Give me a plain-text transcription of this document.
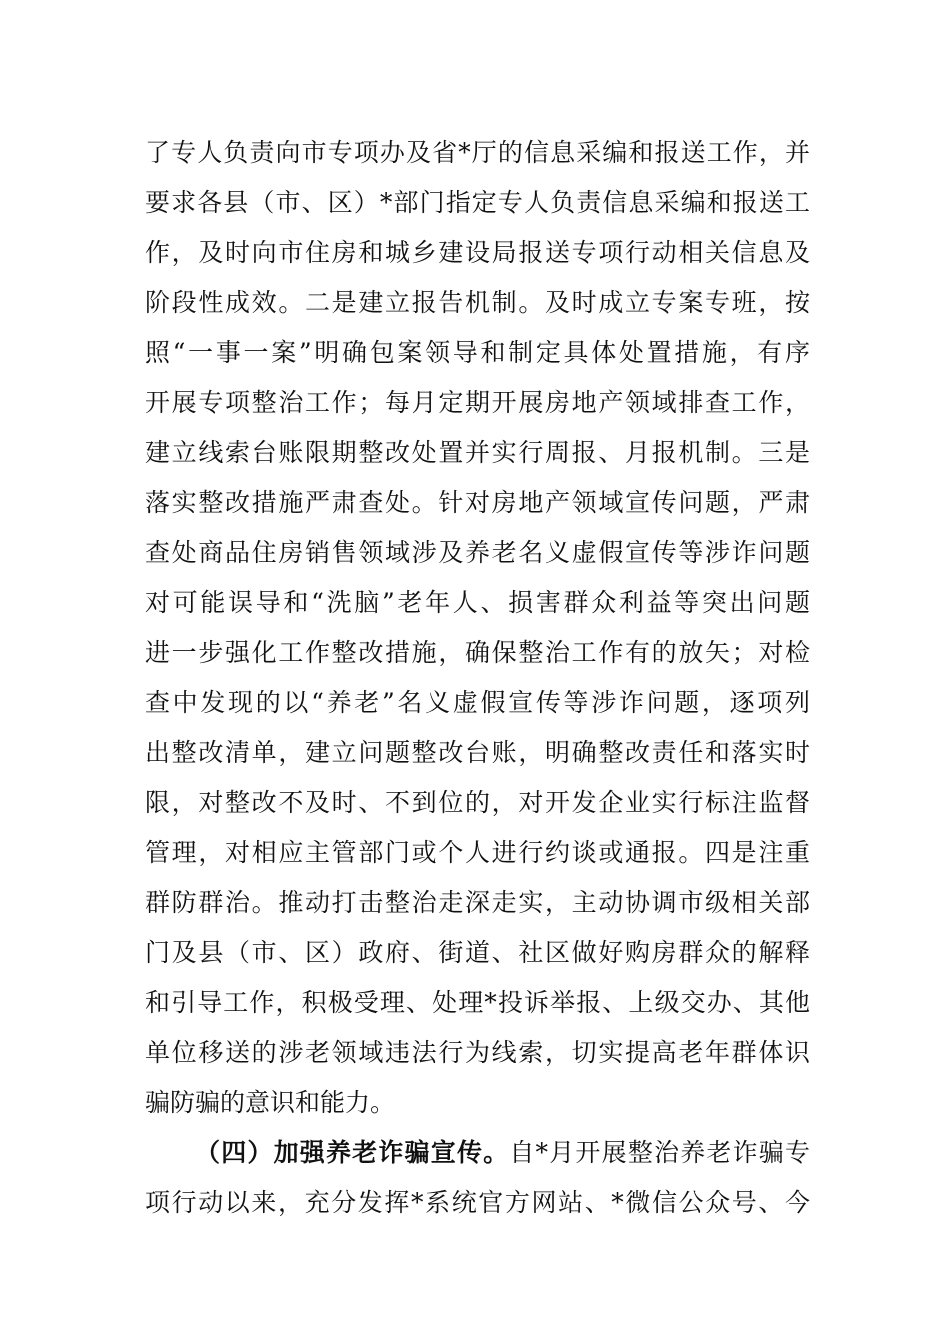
了专人负责向市专项办及省*厅的信息采编和报送工作，并
要求各县（市、区）*部门指定专人负责信息采编和报送工
作，及时向市住房和城乡建设局报送专项行动相关信息及
阶段性成效。二是建立报告机制。及时成立专案专班，按
照“一事一案”明确包案领导和制定具体处置措施，有序
开展专项整治工作；每月定期开展房地产领域排查工作，
建立线索台账限期整改处置并实行周报、月报机制。三是
落实整改措施严肃查处。针对房地产领域宣传问题，严肃
查处商品住房销售领域涉及养老名义虚假宣传等涉诈问题
对可能误导和“洗脑”老年人、损害群众利益等突出问题
进一步强化工作整改措施，确保整治工作有的放矢；对检
查中发现的以“养老”名义虚假宣传等涉诈问题，逐项列
出整改清单，建立问题整改台账，明确整改责任和落实时
限，对整改不及时、不到位的，对开发企业实行标注监督
管理，对相应主管部门或个人进行约谈或通报。四是注重
群防群治。推动打击整治走深走实，主动协调市级相关部
门及县（市、区）政府、街道、社区做好购房群众的解释
和引导工作，积极受理、处理*投诉举报、上级交办、其他
单位移送的涉老领域违法行为线索，切实提高老年群体识
骗防骗的意识和能力。
（四）加强养老诈骗宣传。自*月开展整治养老诈骗专
项行动以来，充分发挥*系统官方网站、*微信公众号、今
